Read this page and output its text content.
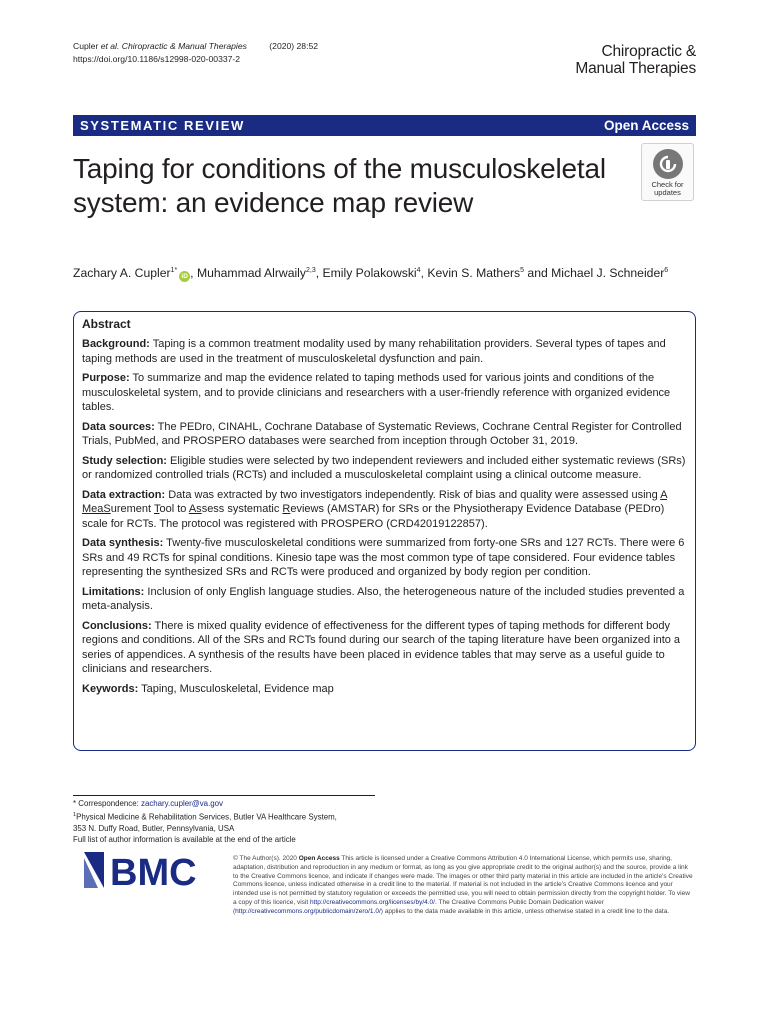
Cupler et al. Chiropractic & Manual Therapies	(2020) 28:52
https://doi.org/10.1186/s12998-020-00337-2	Chiropractic &
Manual Therapies
SYSTEMATIC REVIEW	Open Access
Taping for conditions of the musculoskeletal system: an evidence map review
Check for
updates
Zachary A. Cupler$^{1*}$iD , Muhammad Alrwaily$^{2,3}$, Emily Polakowski$^4$, Kevin S. Mathers$^5$ and Michael J. Schneider$^6$
Abstract

Background: Taping is a common treatment modality used by many rehabilitation providers. Several types of tapes and taping methods are used in the treatment of musculoskeletal dysfunction and pain.

Purpose: To summarize and map the evidence related to taping methods used for various joints and conditions of the musculoskeletal system, and to provide clinicians and researchers with a user-friendly reference with organized evidence tables.

Data sources: The PEDro, CINAHL, Cochrane Database of Systematic Reviews, Cochrane Central Register for Controlled Trials, PubMed, and PROSPERO databases were searched from inception through October 31, 2019.

Study selection: Eligible studies were selected by two independent reviewers and included either systematic reviews (SRs) or randomized controlled trials (RCTs) and included a musculoskeletal complaint using a clinical outcome measure.

Data extraction: Data was extracted by two investigators independently. Risk of bias and quality were assessed using A MeaSurement Tool to Assess systematic Reviews (AMSTAR) for SRs or the Physiotherapy Evidence Database (PEDro) scale for RCTs. The protocol was registered with PROSPERO (CRD42019122857).

Data synthesis: Twenty-five musculoskeletal conditions were summarized from forty-one SRs and 127 RCTs. There were 6 SRs and 49 RCTs for spinal conditions. Kinesio tape was the most common type of tape considered. Four evidence tables representing the synthesized SRs and RCTs were produced and organized by body region per condition.

Limitations: Inclusion of only English language studies. Also, the heterogeneous nature of the included studies prevented a meta-analysis.

Conclusions: There is mixed quality evidence of effectiveness for the different types of taping methods for different body regions and conditions. All of the SRs and RCTs found during our search of the taping literature have been organized into a series of appendices. A synthesis of the results have been placed in evidence tables that may serve as a useful guide to clinicians and researchers.

Keywords: Taping, Musculoskeletal, Evidence map

* Correspondence: zachary.cupler@va.gov
$^1$Physical Medicine & Rehabilitation Services, Butler VA Healthcare System,
353 N. Duffy Road, Butler, Pennsylvania, USA
Full list of author information is available at the end of the article
BMC	© The Author(s). 2020 Open Access This article is licensed under a Creative Commons Attribution 4.0 International License, which permits use, sharing, adaptation, distribution and reproduction in any medium or format, as long as you give appropriate credit to the original author(s) and the source, provide a link to the Creative Commons licence, and indicate if changes were made. The images or other third party material in this article are included in the article's Creative Commons licence, unless indicated otherwise in a credit line to the material. If material is not included in the article's Creative Commons licence and your intended use is not permitted by statutory regulation or exceeds the permitted use, you will need to obtain permission directly from the copyright holder. To view a copy of this licence, visit http://creativecommons.org/licenses/by/4.0/. The Creative Commons Public Domain Dedication waiver (http://creativecommons.org/publicdomain/zero/1.0/) applies to the data made available in this article, unless otherwise stated in a credit line to the data.
